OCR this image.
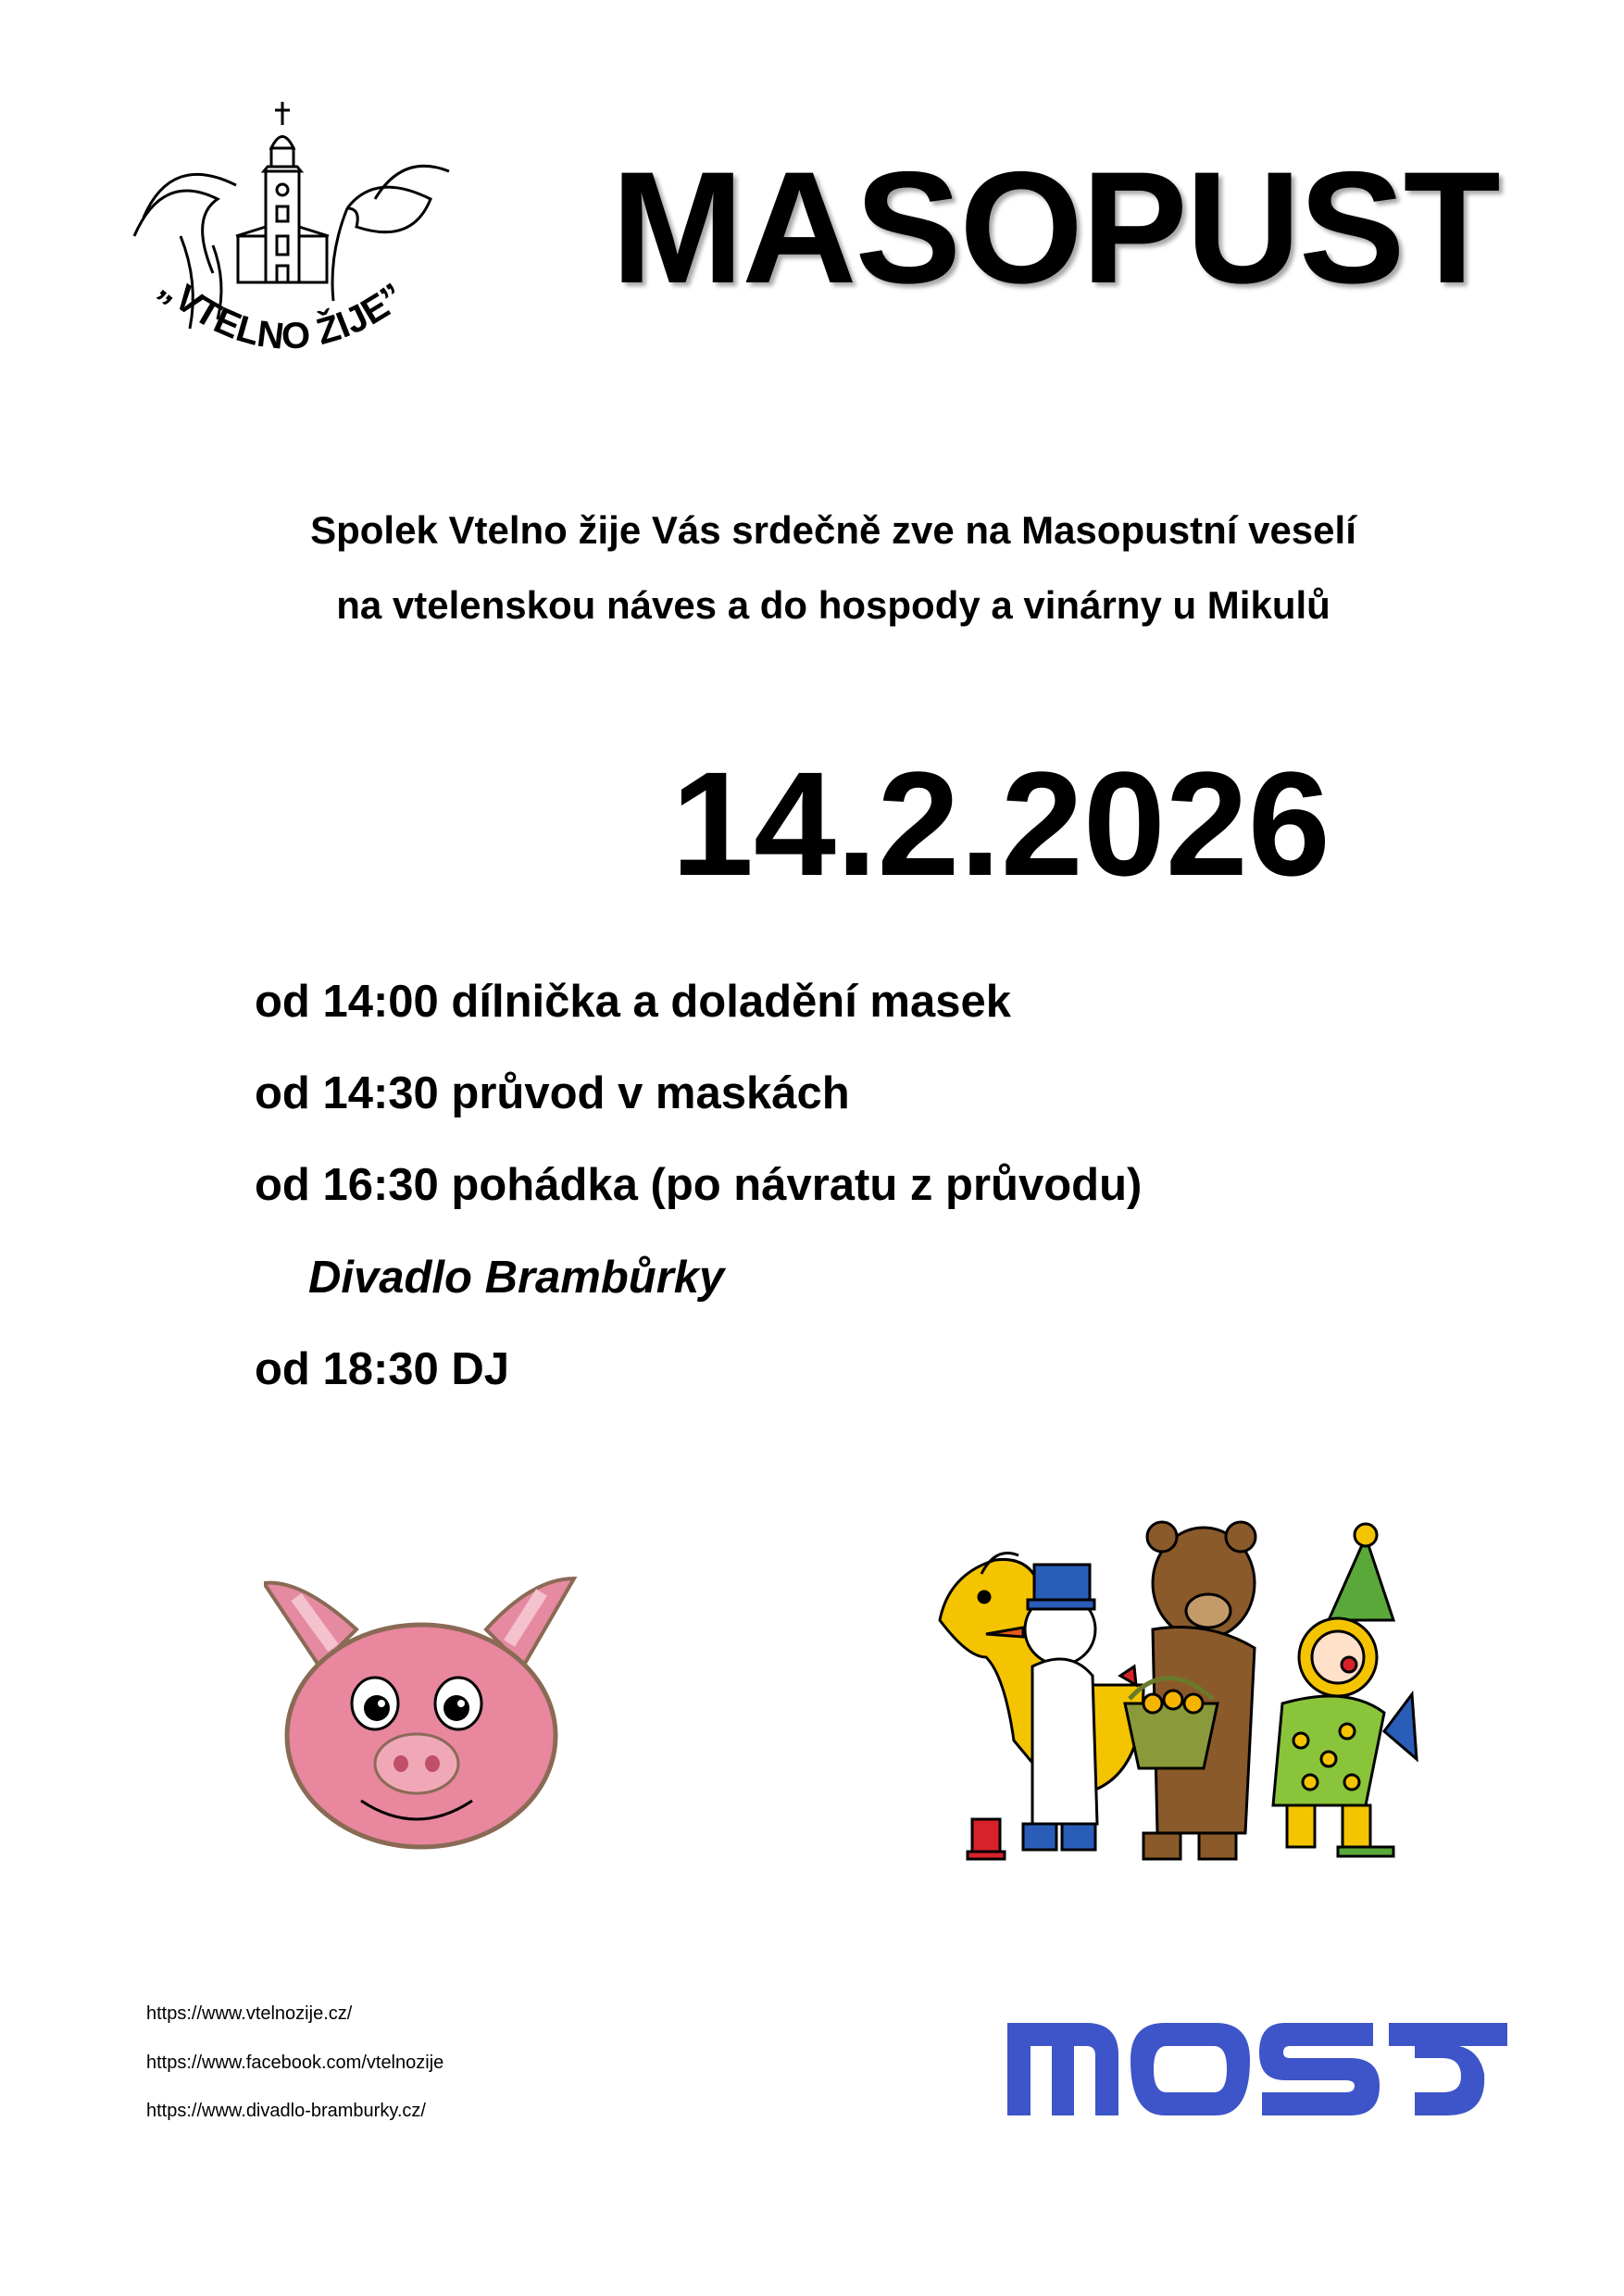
„VTELNO ŽIJE” MASOPUST
Spolek Vtelno žije Vás srdečně zve na Masopustní veselí
na vtelenskou náves a do hospody a vinárny u Mikulů
14.2.2026
od 14:00 dílnička a doladění masek
od 14:30 průvod v maskách
od 16:30 pohádka (po návratu z průvodu)
Divadlo Brambůrky
od 18:30 DJ
https://www.vtelnozije.cz/
https://www.facebook.com/vtelnozije
https://www.divadlo-bramburky.cz/
most
